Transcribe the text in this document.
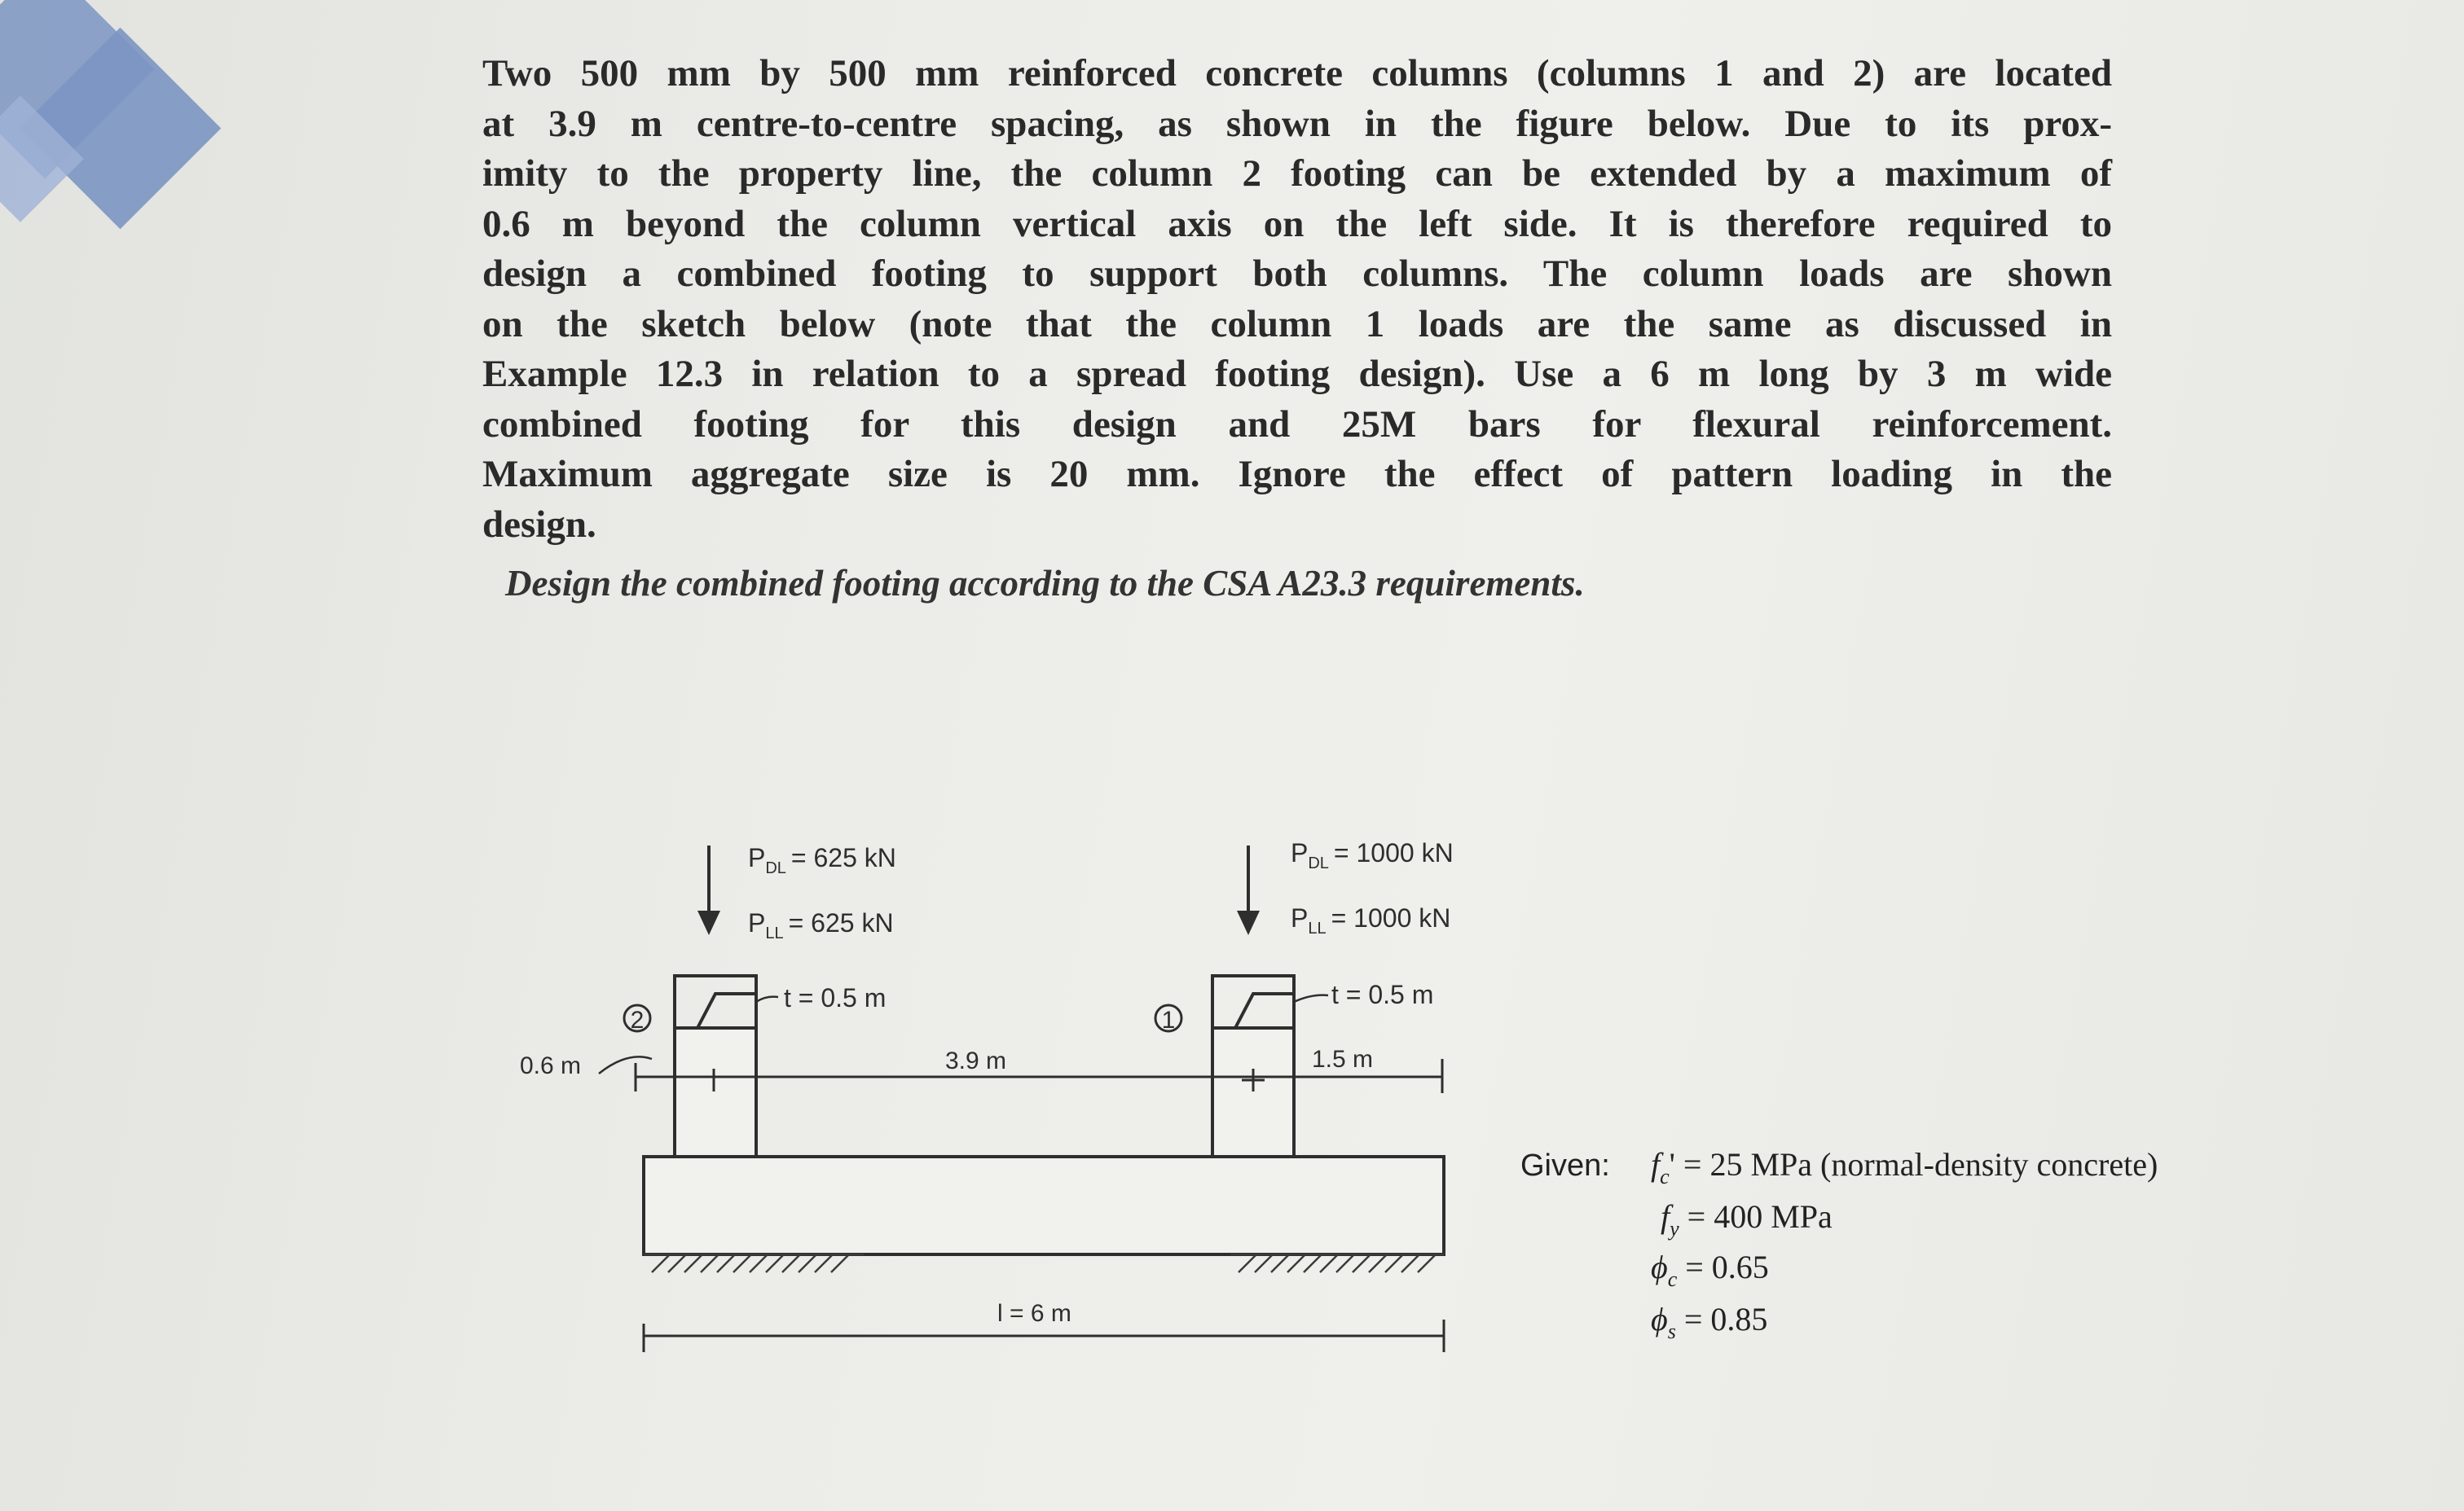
Two 500 mm by 500 mm reinforced concrete columns (columns 1 and 2) are located
at 3.9 m centre-to-centre spacing, as shown in the figure below. Due to its prox-
imity to the property line, the column 2 footing can be extended by a maximum of
0.6 m beyond the column vertical axis on the left side. It is therefore required to
design a combined footing to support both columns. The column loads are shown
on the sketch below (note that the column 1 loads are the same as discussed in
Example 12.3 in relation to a spread footing design). Use a 6 m long by 3 m wide
combined footing for this design and 25M bars for flexural reinforcement.
Maximum aggregate size is 20 mm. Ignore the effect of pattern loading in the
design.
Design the combined footing according to the CSA A23.3 requirements.
2	1
$P_{DL} = 625$ kN
$P_{LL} = 625$ kN
t = 0.5 m
$P_{DL} = 1000$ kN
$P_{LL} = 1000$ kN
t = 0.5 m
0.6 m	3.9 m	1.5 m
l = 6 m
Given: $f_c' = 25$ MPa (normal-density concrete)
$f_y = 400$ MPa
$\phi_c = 0.65$
$\phi_s = 0.85$
